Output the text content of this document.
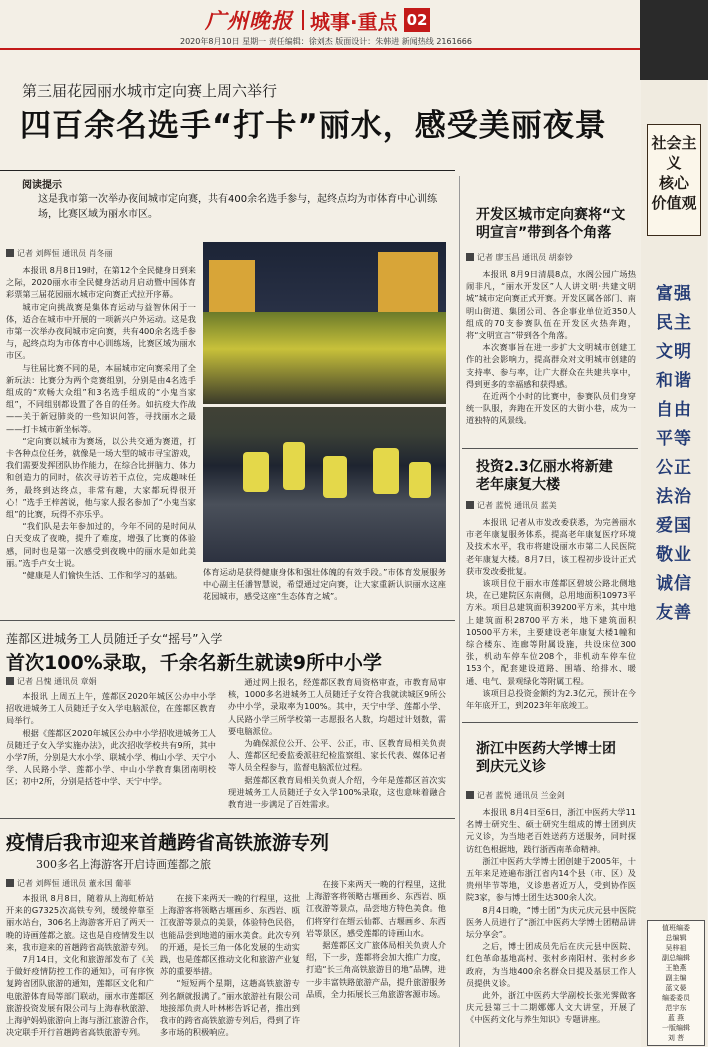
广州晚报 城事·重点 02
2020年8月10日 星期一 责任编辑：徐刘杰 版面设计：朱韩进 新闻热线 2161666
第三届花园丽水城市定向赛上周六举行
四百余名选手“打卡”丽水，感受美丽夜景
阅读提示
这是我市第一次举办夜间城市定向赛，共有400余名选手参与，起终点均为市体育中心训练场，比赛区域为丽水市区。
记者 刘辉恒 通讯员 肖冬丽

本报讯 8月8日19时，在第12个全民健身日到来之际，2020丽水市全民健身活动月启动暨中国体育彩票第三届花园丽水城市定向赛正式拉开序幕。

城市定向挑战赛是集体育运动与益智休闲于一体，适合在城市中开展的一项新兴户外运动。这是我市第一次举办夜间城市定向赛，共有400余名选手参与，起终点均为市体育中心训练场，比赛区域为丽水市区。

与往届比赛不同的是，本届城市定向赛采用了全新玩法：比赛分为两个竞赛组别，分别是由4名选手组成的“欢畅大众组”和3名选手组成的“小鬼当家组”，不同组别都设置了各自的任务。如抗疫大作战——关于新冠肺炎的一些知识问答，寻找丽水之最——打卡城市新坐标等。

“定向赛以城市为赛场，以公共交通为赛道，打卡各种点位任务，就像是一场大型的城市寻宝游戏，我们需要发挥团队协作能力，在综合比拼脑力、体力和创造力的同时，依次寻访若干点位，完成趣味任务，最终到达终点，非常有趣，大家都玩得很开心！”选手王梓茜说，他与家人报名参加了“小鬼当家组”的比赛，玩得不亦乐乎。

“我们队是去年参加过的，今年不同的是时间从白天变成了夜晚，提升了难度，增强了比赛的体验感，同时也是第一次感受到夜晚中的丽水是如此美丽。”选手卢女士说。

“健康是人们愉快生活、工作和学习的基础。	体育运动是获得健康身体和强壮体魄的有效手段。”市体育发展服务中心副主任潘智慧说，希望通过定向赛，让大家重新认识丽水这座花园城市，感受这座“生态体育之城”。

莲都区进城务工人员随迁子女“摇号”入学
首次100%录取，千余名新生就读9所中小学
记者 吕愧 通讯员 章娟

本报讯 上周五上午，莲都区2020年城区公办中小学招收进城务工人员随迁子女入学电脑派位，在莲都区教育局举行。

根据《莲都区2020年城区公办中小学招收进城务工人员随迁子女入学实施办法》，此次招收学校共有9所，其中小学7所，分别是大水小学、联城小学、梅山小学、天宁小学、人民路小学、莲都小学、中山小学教育集团南明校区；初中2所，分别是括苍中学、天宁中学。

通过网上报名，经莲都区教育局资格审查，市教育局审核，1000多名进城务工人员随迁子女符合我就读城区9所公办中小学，录取率为100%。其中，天宁中学、莲都小学、人民路小学三所学校第一志愿报名人数，均超过计划数，需要电脑派位。

为确保派位公开、公平、公正，市、区教育局相关负责人、莲都区纪委监委派驻纪检监察组、家长代表、媒体记者等人员全程参与，监督电脑派位过程。

据莲都区教育局相关负责人介绍，今年是莲都区首次实现进城务工人员随迁子女入学100%录取，这也意味着融合教育进一步满足了百姓需求。

疫情后我市迎来首趟跨省高铁旅游专列
300多名上海游客开启诗画莲都之旅
记者 刘辉恒 通讯员 董永国 葡菲

本报讯 8月8日，随着从上海虹桥站开来的G7325次高铁专列，缓缓停靠至丽水站台，306名上海游客开启了两天一晚的诗画莲都之旅。这也是自疫情发生以来，我市迎来的首趟跨省高铁旅游专列。

7月14日，文化和旅游部发布了《关于做好疫情防控工作的通知》，可有序恢复跨省团队旅游的通知，莲都区文化和广电旅游体育局等部门联动，丽水市莲都区旅游投资发展有限公司与上海春秋旅游、上海驴妈妈旅游向上海与浙江旅游合作，决定联手开行首趟跨省高铁旅游专列。

在接下来两天一晚的行程里，这批上海游客将领略古堰画乡、东西岩、瓯江夜游等景点的美景，体验特色民俗，也能品尝到地道的丽水美食。此次专列的开通，是长三角一体化发展的生动实践，也是莲都区推动文化和旅游产业复苏的重要举措。

“短短两个星期，这趟高铁旅游专列名额就报满了。”丽水旅游社有限公司地接部负责人叶林彬告诉记者，推出到我市的跨省高铁旅游专列后，得到了许多市场的积极响应。

在接下来两天一晚的行程里，这批上海游客将领略古堰画乡、东西岩、瓯江夜游等景点，品尝地方特色美食。他们将穿行在缙云仙都、古堰画乡、东西岩等景区，感受莲都的诗画山水。

据莲都区文广旅体局相关负责人介绍，下一步，莲都将会加大推广力度，打造“长三角高铁旅游目的地”品牌，进一步丰富铁路旅游产品，提升旅游服务品质，全力拓展长三角旅游客源市场。

开发区城市定向赛将“文明宣言”带到各个角落
记者 廖玉昌 通讯员 胡泰钞

本报讯 8月9日清晨8点，水阁公园广场热闹非凡，“丽水开发区”人人讲文明·共建文明城”城市定向赛正式开赛。开发区属各部门、南明山街道、集团公司、各企事业单位近350人组成的70支参赛队伍在开发区火热奔跑，将“文明宣言”带到各个角落。

本次赛事旨在进一步扩大文明城市创建工作的社会影响力，提高群众对文明城市创建的支持率、参与率，让广大群众在共建共享中，得到更多的幸福感和获得感。

在近两个小时的比赛中，参赛队员们身穿统一队服，奔跑在开发区的大街小巷，成为一道独特的风景线。

投资2.3亿丽水将新建老年康复大楼
记者 蓝悦 通讯员 蓝美

本报讯 记者从市发改委获悉，为完善丽水市老年康复服务体系，提高老年康复医疗环境及技术水平，我市将建设丽水市第二人民医院老年康复大楼。8月7日，该工程初步设计正式获市发改委批复。

该项目位于丽水市莲都区碧坡公路北侧地块，在已建院区东南侧，总用地面积10973平方米。项目总建筑面积39200平方米，其中地上建筑面积28700平方米，地下建筑面积10500平方米，主要建设老年康复大楼1幢和综合楼东、连廊等附属设施，共设床位300张，机动车停车位208个，非机动车停车位153个，配套建设道路、围墙、给排水、暖通、电气、景观绿化等附属工程。

该项目总投资金额约为2.3亿元，预计在今年年底开工，到2023年年底竣工。

浙江中医药大学博士团到庆元义诊
记者 蓝悦 通讯员 兰金剑

本报讯 8月4日至6日，浙江中医药大学11名博士研究生、硕士研究生组成的博士团到庆元义诊，为当地老百姓送药方送服务，同时探访红色根据地，践行浙西南革命精神。

浙江中医药大学博士团创建于2005年，十五年来足迹遍布浙江省内14个县（市、区）及贵州毕节等地，义诊患者近万人，受到协作医院3家，参与博士团生达300余人次。

8月4日晚，“博士团”为庆元庆元县中医院医务人员进行了“浙江中医药大学博士团精品讲坛分享会”。

之后，博士团成员先后在庆元县中医院、红色革命基地高村、张村乡南阳村、张村乡乡政府，为当地400余名群众日提及基层工作人员提供义诊。

此外，浙江中医药大学副校长张光霁做客庆元县第三十二期娜娜人文大讲堂，开展了《中医药文化与养生知识》专题讲座。

社会主义
核心
价值观
富强
民主
文明
和谐
自由
平等
公正
法治
爱国
敬业
诚信
友善
值班编委
总编辑
吴梓祖
副总编辑
王艳燕
副主编
蓝文晏
编委委员
范宇东
蓝 燕
一版编辑
刘 菩
